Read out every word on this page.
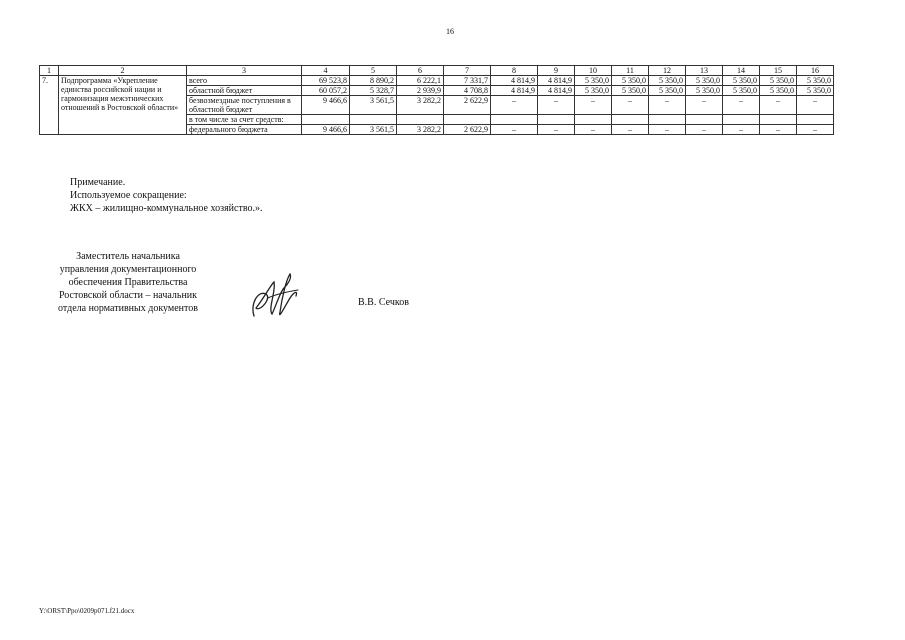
16
1	2	3	4	5	6	7	8	9	10	11	12	13	14	15	16
7.	Подпрограмма «Укрепление единства российской нации и гармонизация межэтнических отношений в Ростовской области»	всего	69 523,8	8 890,2	6 222,1	7 331,7	4 814,9	4 814,9	5 350,0	5 350,0	5 350,0	5 350,0	5 350,0	5 350,0	5 350,0
		областной бюджет	60 057,2	5 328,7	2 939,9	4 708,8	4 814,9	4 814,9	5 350,0	5 350,0	5 350,0	5 350,0	5 350,0	5 350,0	5 350,0
		безвозмездные поступления в областной бюджет	9 466,6	3 561,5	3 282,2	2 622,9	–	–	–	–	–	–	–	–	–
		в том числе за счет средств:													
		федерального бюджета	9 466,6	3 561,5	3 282,2	2 622,9	–	–	–	–	–	–	–	–	–
Примечание.
Используемое сокращение:
ЖКХ – жилищно-коммунальное хозяйство.».
Заместитель начальника
управления документационного
обеспечения Правительства
Ростовской области – начальник
отдела нормативных документов
В.В. Сечков
Y:\ORST\Ppo\0209p071.f21.docx
